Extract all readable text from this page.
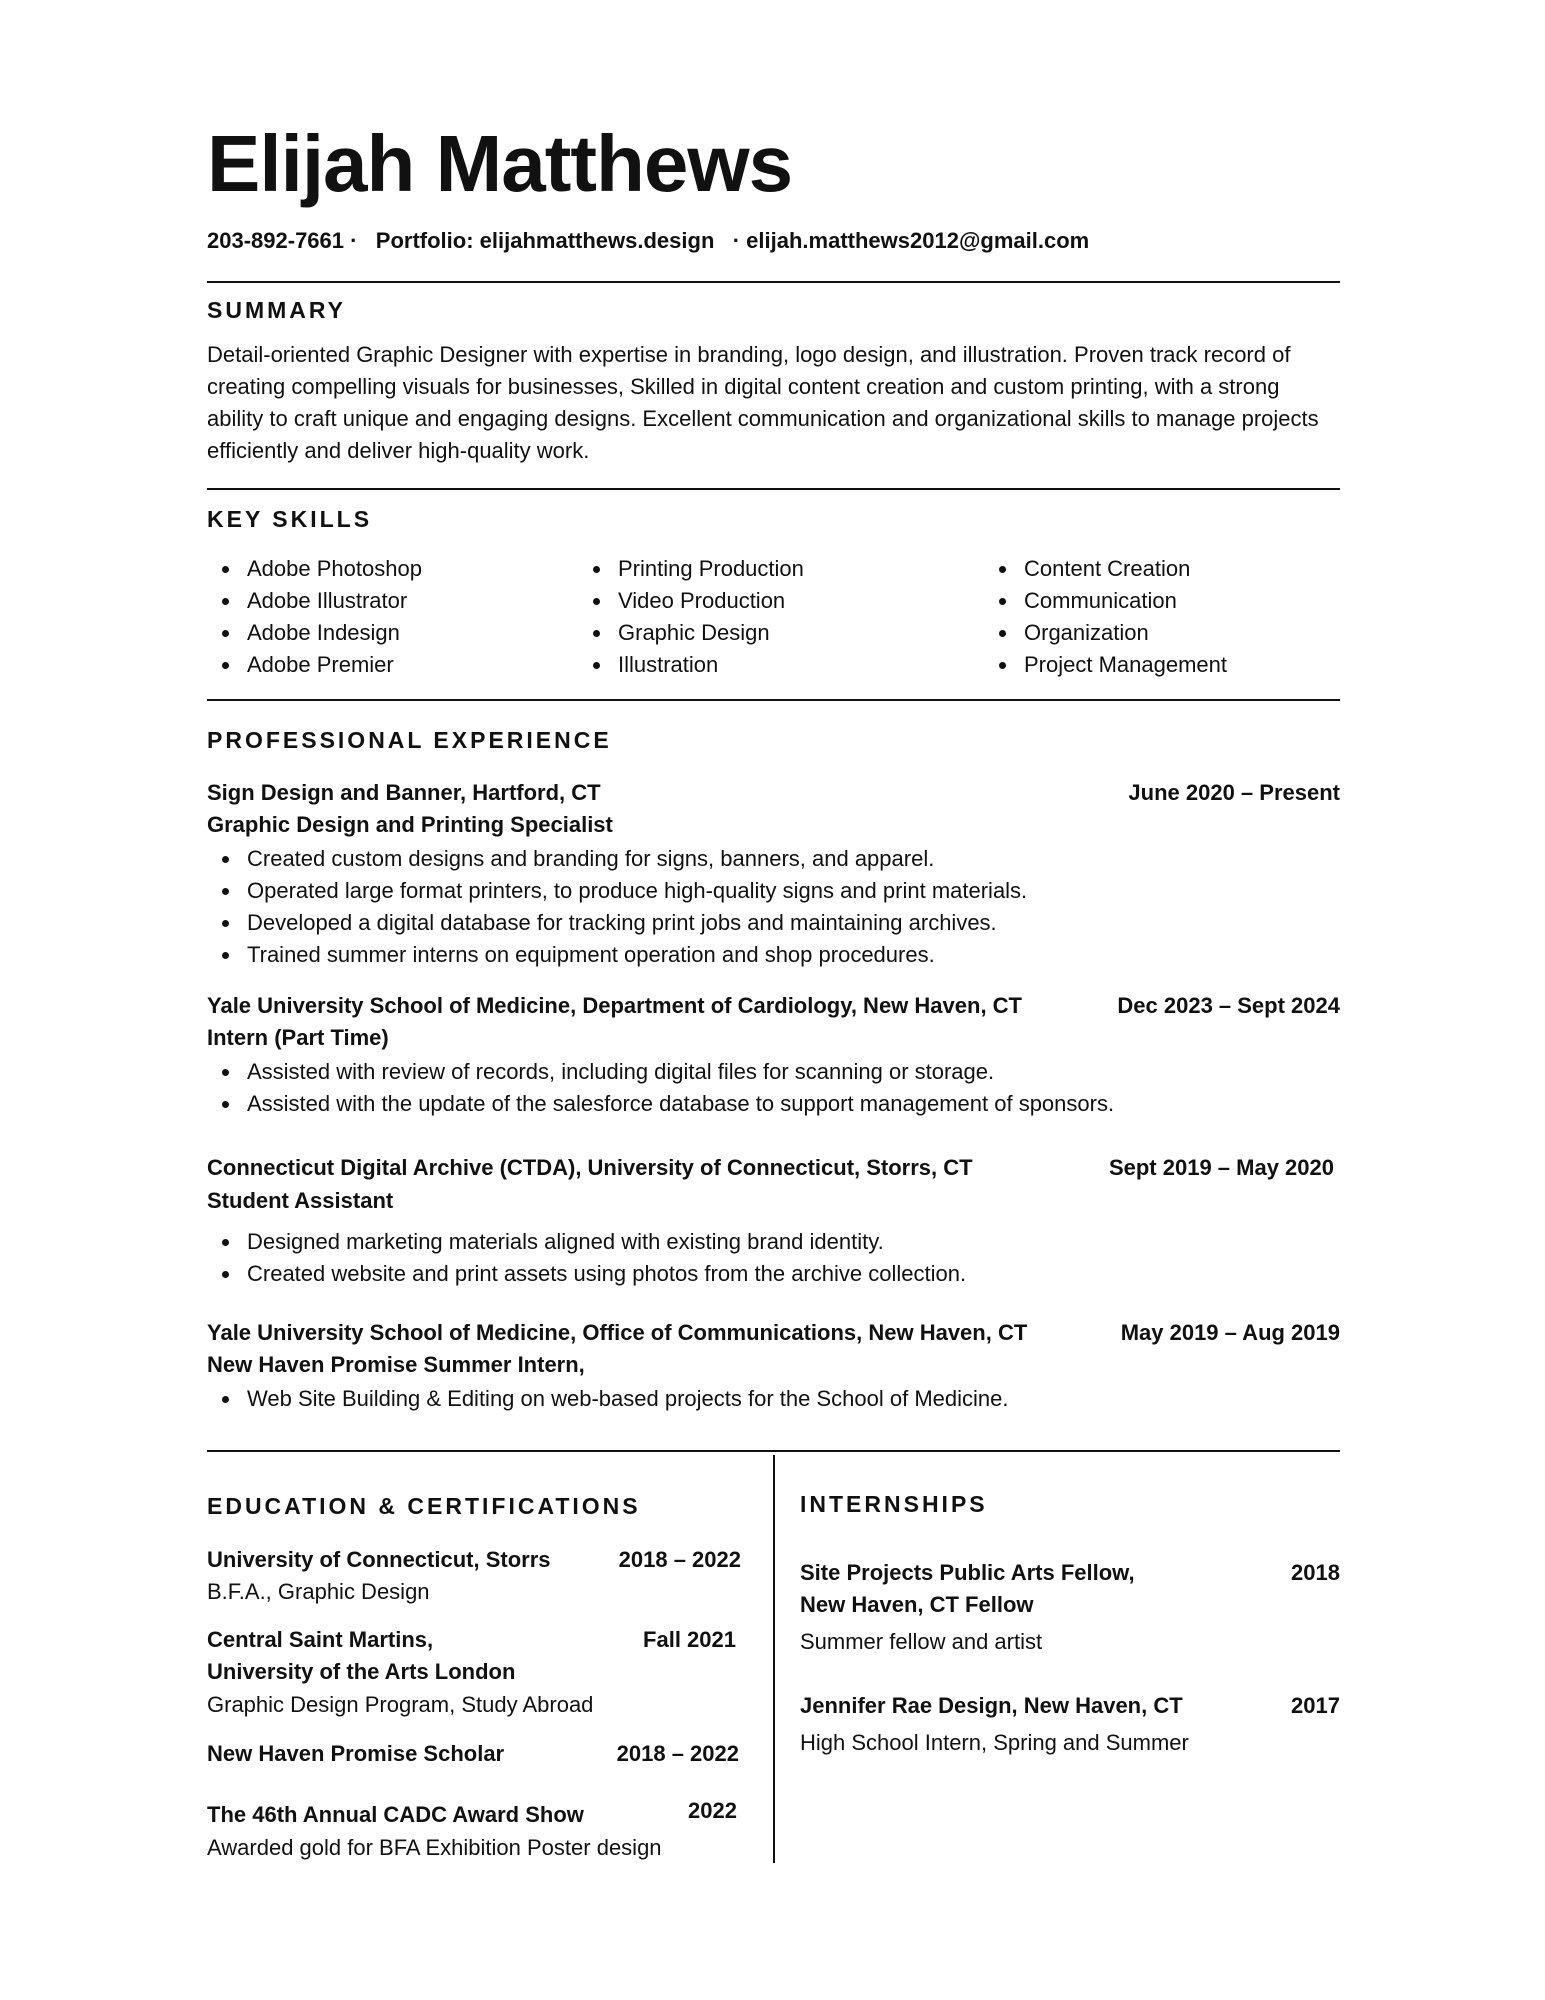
Elijah Matthews
203-892-7661 · Portfolio: elijahmatthews.design · elijah.matthews2012@gmail.com
SUMMARY
Detail-oriented Graphic Designer with expertise in branding, logo design, and illustration. Proven track record of creating compelling visuals for businesses, Skilled in digital content creation and custom printing, with a strong ability to craft unique and engaging designs. Excellent communication and organizational skills to manage projects efficiently and deliver high-quality work.
KEY SKILLS
Adobe Photoshop
Adobe Illustrator
Adobe Indesign
Adobe Premier
Printing Production
Video Production
Graphic Design
Illustration
Content Creation
Communication
Organization
Project Management
PROFESSIONAL EXPERIENCE
Sign Design and Banner, Hartford, CT	June 2020 – Present
Graphic Design and Printing Specialist
Created custom designs and branding for signs, banners, and apparel.
Operated large format printers, to produce high-quality signs and print materials.
Developed a digital database for tracking print jobs and maintaining archives.
Trained summer interns on equipment operation and shop procedures.
Yale University School of Medicine, Department of Cardiology, New Haven, CT	Dec 2023 – Sept 2024
Intern (Part Time)
Assisted with review of records, including digital files for scanning or storage.
Assisted with the update of the salesforce database to support management of sponsors.
Connecticut Digital Archive (CTDA), University of Connecticut, Storrs, CT	Sept 2019 – May 2020
Student Assistant
Designed marketing materials aligned with existing brand identity.
Created website and print assets using photos from the archive collection.
Yale University School of Medicine, Office of Communications, New Haven, CT	May 2019 – Aug 2019
New Haven Promise Summer Intern,
Web Site Building & Editing on web-based projects for the School of Medicine.
EDUCATION & CERTIFICATIONS
University of Connecticut, Storrs	2018 – 2022
B.F.A., Graphic Design
Central Saint Martins,	Fall 2021
University of the Arts London
Graphic Design Program, Study Abroad
New Haven Promise Scholar	2018 – 2022
The 46th Annual CADC Award Show	2022
Awarded gold for BFA Exhibition Poster design
INTERNSHIPS
Site Projects Public Arts Fellow,	2018
New Haven, CT Fellow
Summer fellow and artist
Jennifer Rae Design, New Haven, CT	2017
High School Intern, Spring and Summer
